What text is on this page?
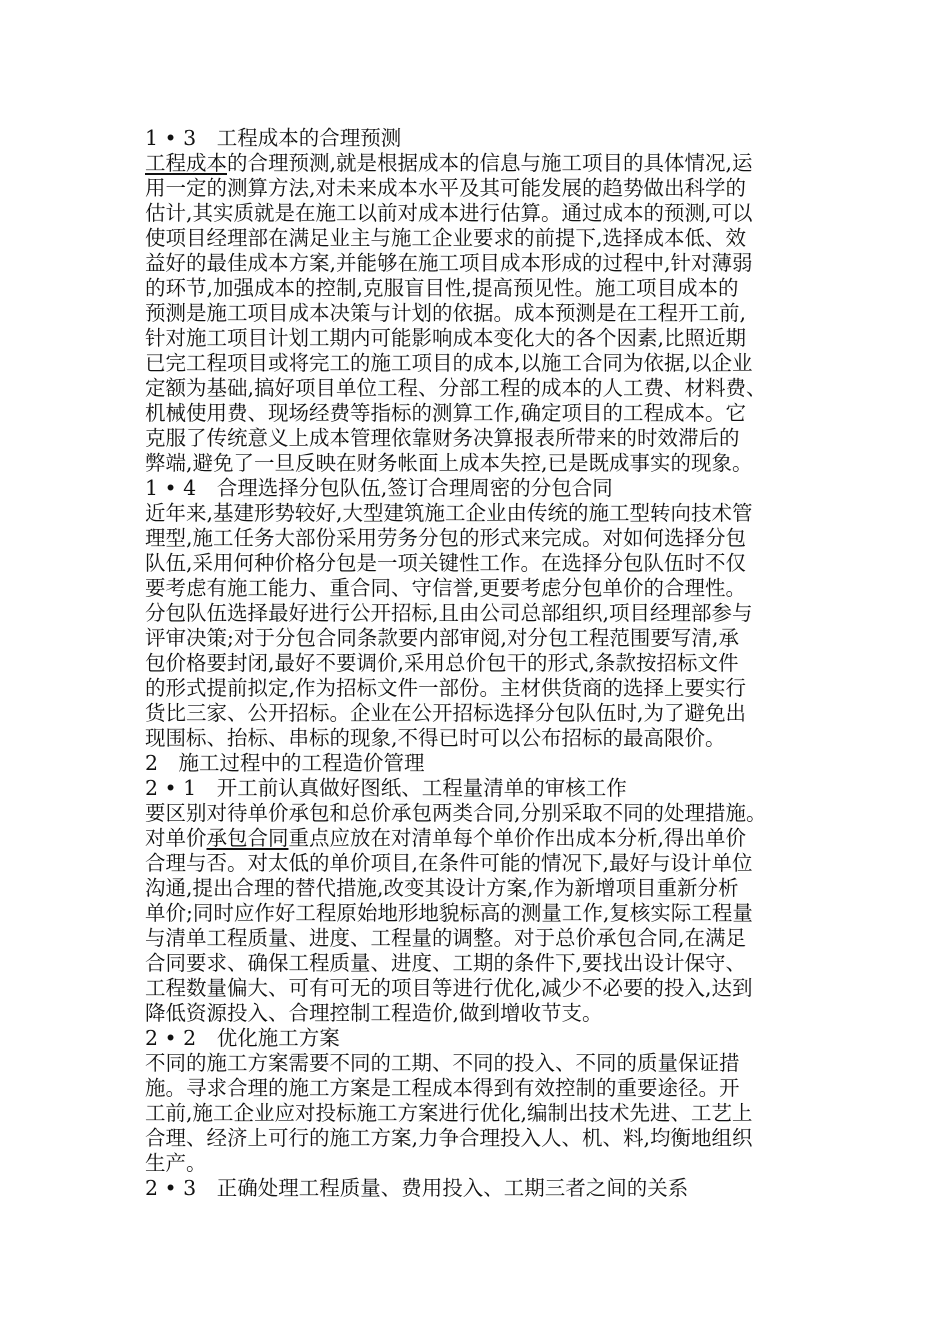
1 • 3　工程成本的合理预测
工程成本的合理预测,就是根据成本的信息与施工项目的具体情况,运
用一定的测算方法,对未来成本水平及其可能发展的趋势做出科学的
估计,其实质就是在施工以前对成本进行估算。通过成本的预测,可以
使项目经理部在满足业主与施工企业要求的前提下,选择成本低、效
益好的最佳成本方案,并能够在施工项目成本形成的过程中,针对薄弱
的环节,加强成本的控制,克服盲目性,提高预见性。施工项目成本的
预测是施工项目成本决策与计划的依据。成本预测是在工程开工前,
针对施工项目计划工期内可能影响成本变化大的各个因素,比照近期
已完工程项目或将完工的施工项目的成本,以施工合同为依据,以企业
定额为基础,搞好项目单位工程、分部工程的成本的人工费、材料费、
机械使用费、现场经费等指标的测算工作,确定项目的工程成本。它
克服了传统意义上成本管理依靠财务决算报表所带来的时效滞后的
弊端,避免了一旦反映在财务帐面上成本失控,已是既成事实的现象。
1 • 4　合理选择分包队伍,签订合理周密的分包合同
近年来,基建形势较好,大型建筑施工企业由传统的施工型转向技术管
理型,施工任务大部份采用劳务分包的形式来完成。对如何选择分包
队伍,采用何种价格分包是一项关键性工作。在选择分包队伍时不仅
要考虑有施工能力、重合同、守信誉,更要考虑分包单价的合理性。
分包队伍选择最好进行公开招标,且由公司总部组织,项目经理部参与
评审决策;对于分包合同条款要内部审阅,对分包工程范围要写清,承
包价格要封闭,最好不要调价,采用总价包干的形式,条款按招标文件
的形式提前拟定,作为招标文件一部份。主材供货商的选择上要实行
货比三家、公开招标。企业在公开招标选择分包队伍时,为了避免出
现围标、抬标、串标的现象,不得已时可以公布招标的最高限价。
2　施工过程中的工程造价管理
2 • 1　开工前认真做好图纸、工程量清单的审核工作
要区别对待单价承包和总价承包两类合同,分别采取不同的处理措施。
对单价承包合同重点应放在对清单每个单价作出成本分析,得出单价
合理与否。对太低的单价项目,在条件可能的情况下,最好与设计单位
沟通,提出合理的替代措施,改变其设计方案,作为新增项目重新分析
单价;同时应作好工程原始地形地貌标高的测量工作,复核实际工程量
与清单工程质量、进度、工程量的调整。对于总价承包合同,在满足
合同要求、确保工程质量、进度、工期的条件下,要找出设计保守、
工程数量偏大、可有可无的项目等进行优化,减少不必要的投入,达到
降低资源投入、合理控制工程造价,做到增收节支。
2 • 2　优化施工方案
不同的施工方案需要不同的工期、不同的投入、不同的质量保证措
施。寻求合理的施工方案是工程成本得到有效控制的重要途径。开
工前,施工企业应对投标施工方案进行优化,编制出技术先进、工艺上
合理、经济上可行的施工方案,力争合理投入人、机、料,均衡地组织
生产。
2 • 3　正确处理工程质量、费用投入、工期三者之间的关系
